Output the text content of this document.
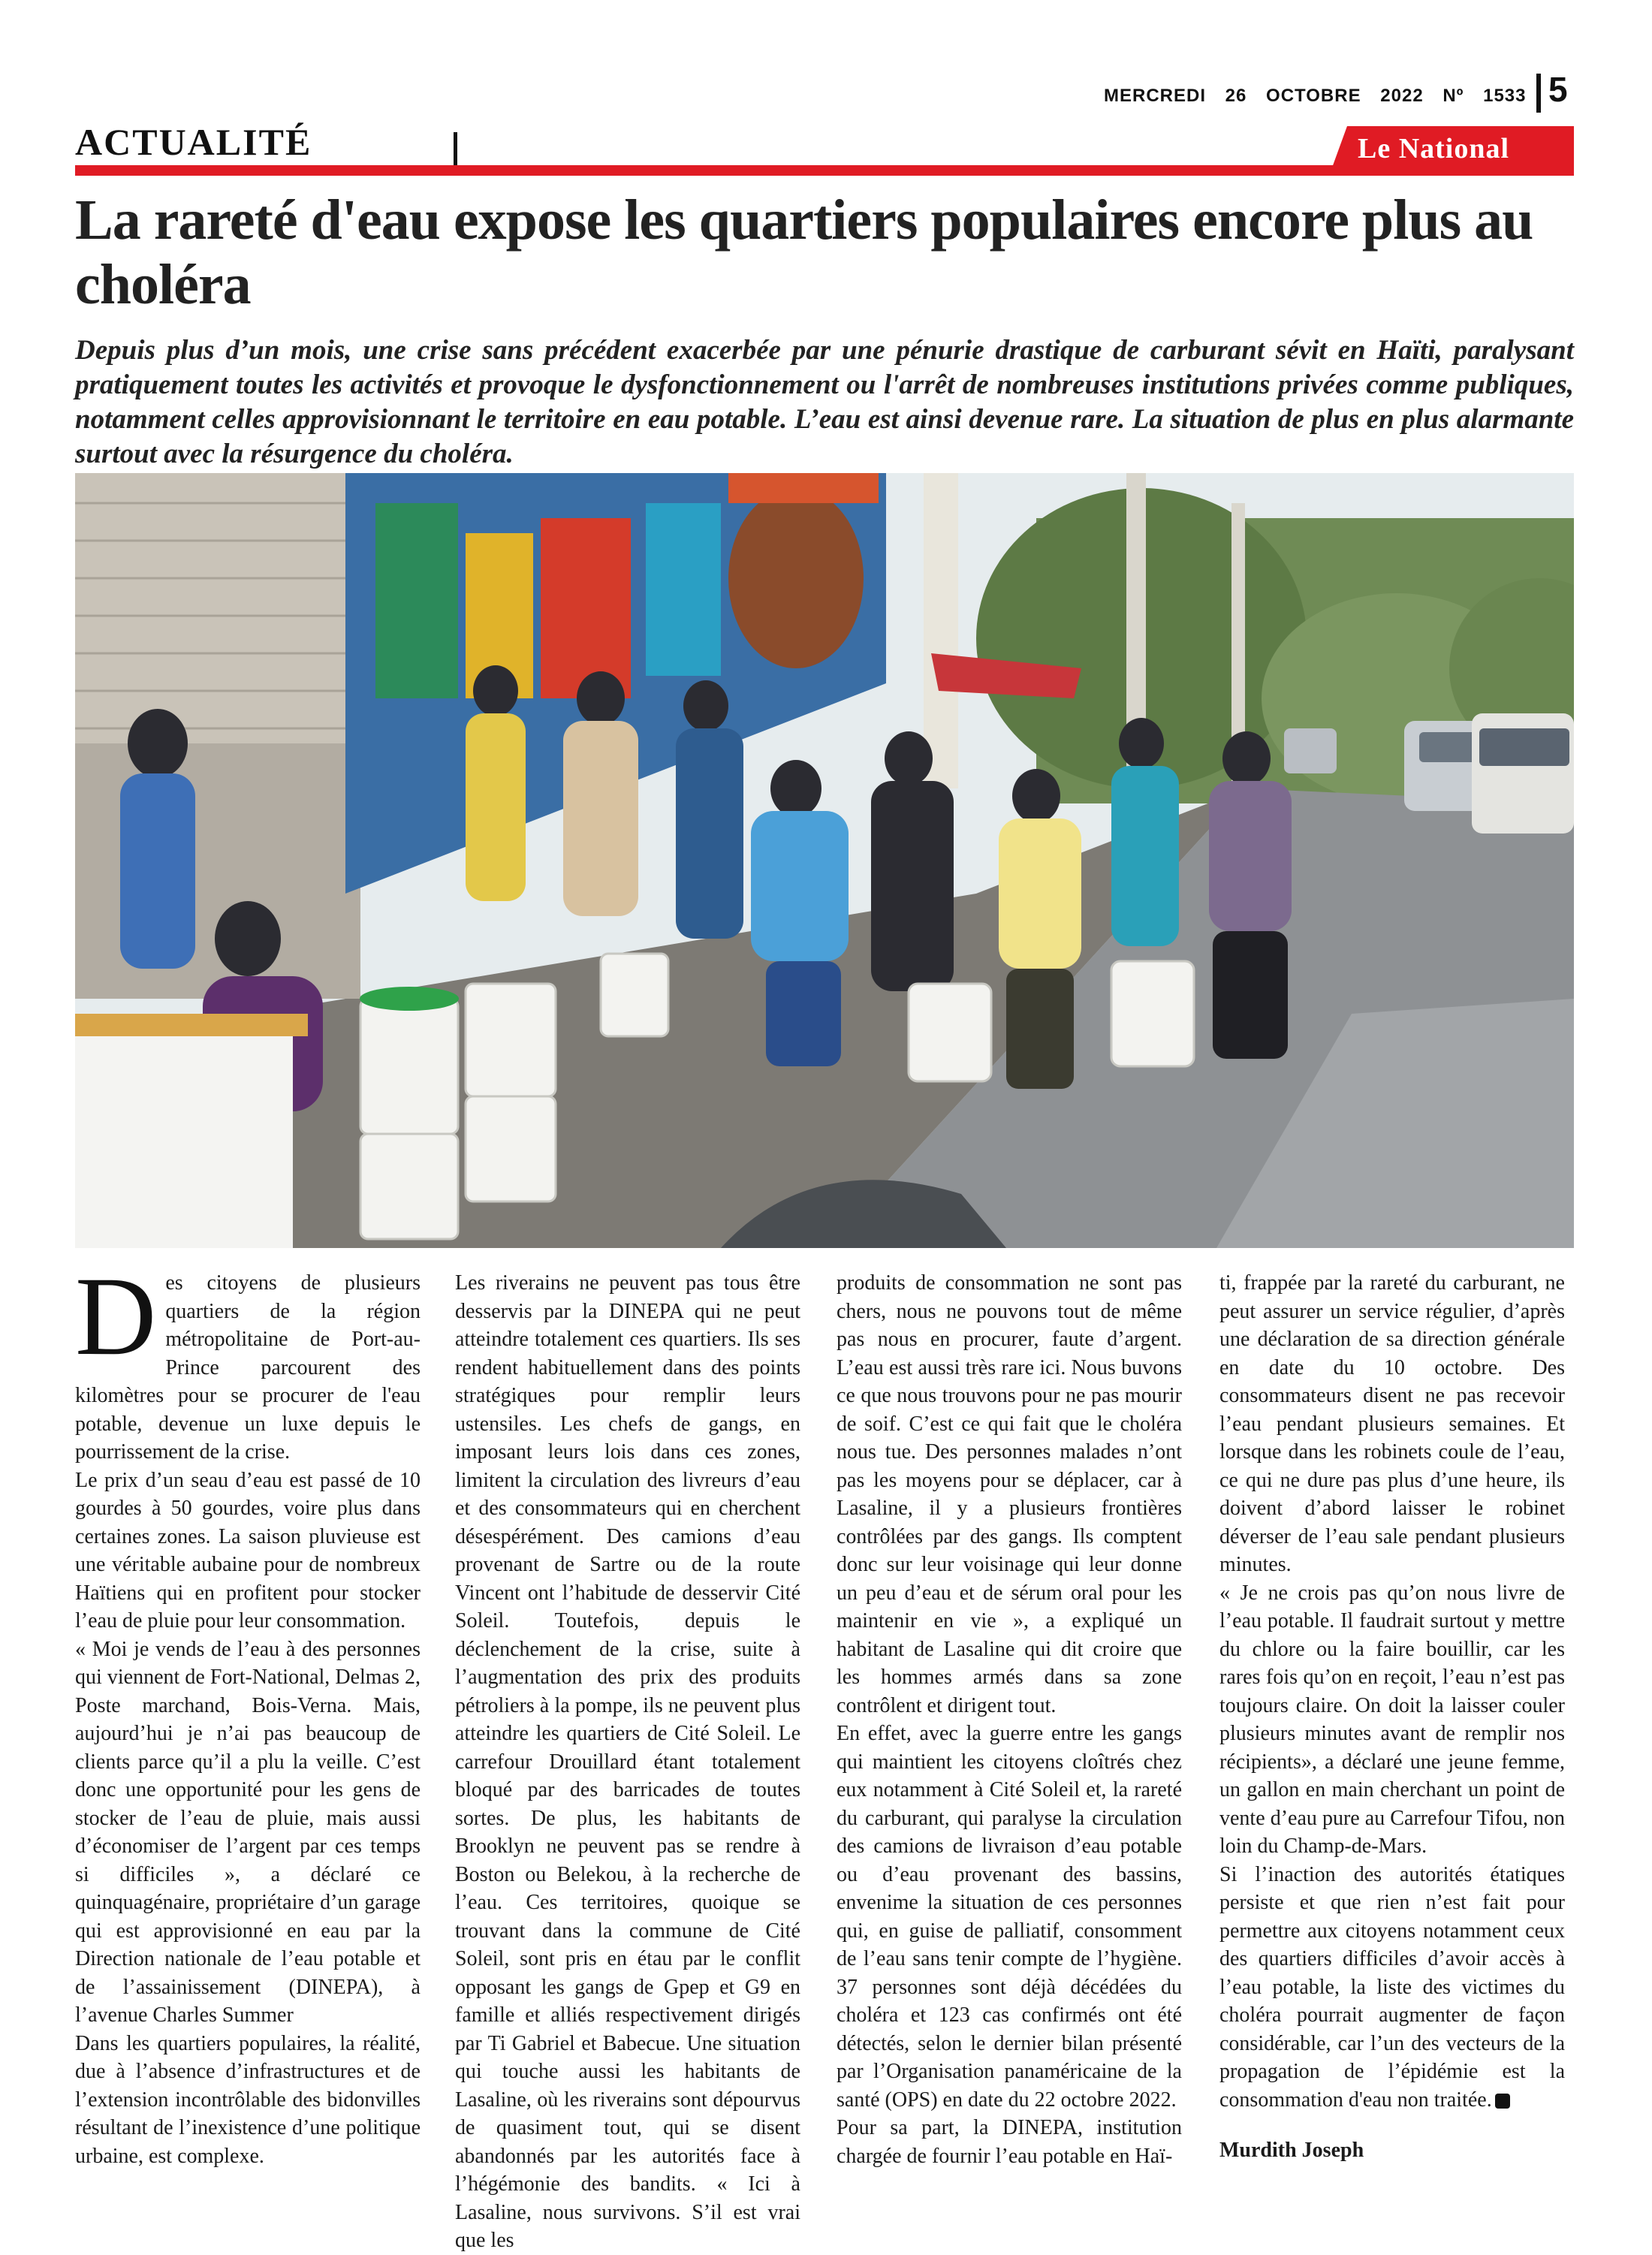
MERCREDI 26 OCTOBRE 2022 Nº 1533 5
ACTUALITÉ	Le National
La rareté d'eau expose les quartiers populaires encore plus au choléra
Depuis plus d’un mois, une crise sans précédent exacerbée par une pénurie drastique de carburant sévit en Haïti, paralysant pratiquement toutes les activités et provoque le dysfonctionnement ou l'arrêt de nombreuses institutions privées comme publiques, notamment celles approvisionnant le territoire en eau potable. L’eau est ainsi devenue rare. La situation de plus en plus alarmante surtout avec la résurgence du choléra.
D es citoyens de plusieurs quartiers de la région métropolitaine de Port-au-Prince parcourent des kilomètres pour se procurer de l'eau potable, devenue un luxe depuis le pourrissement de la crise.

Le prix d’un seau d’eau est passé de 10 gourdes à 50 gourdes, voire plus dans certaines zones. La saison pluvieuse est une véritable aubaine pour de nombreux Haïtiens qui en profitent pour stocker l’eau de pluie pour leur consommation.

« Moi je vends de l’eau à des personnes qui viennent de Fort-National, Delmas 2, Poste marchand, Bois-Verna. Mais, aujourd’hui je n’ai pas beaucoup de clients parce qu’il a plu la veille. C’est donc une opportunité pour les gens de stocker de l’eau de pluie, mais aussi d’économiser de l’argent par ces temps si difficiles », a déclaré ce quinquagénaire, propriétaire d’un garage qui est approvisionné en eau par la Direction nationale de l’eau potable et de l’assainissement (DINEPA), à l’avenue Charles Summer

Dans les quartiers populaires, la réalité, due à l’absence d’infrastructures et de l’extension incontrôlable des bidonvilles résultant de l’inexistence d’une politique urbaine, est complexe.

Les riverains ne peuvent pas tous être desservis par la DINEPA qui ne peut atteindre totalement ces quartiers. Ils ses rendent habituellement dans des points stratégiques pour remplir leurs ustensiles. Les chefs de gangs, en imposant leurs lois dans ces zones, limitent la circulation des livreurs d’eau et des consommateurs qui en cherchent désespérément. Des camions d’eau provenant de Sartre ou de la route Vincent ont l’habitude de desservir Cité Soleil. Toutefois, depuis le déclenchement de la crise, suite à l’augmentation des prix des produits pétroliers à la pompe, ils ne peuvent plus atteindre les quartiers de Cité Soleil. Le carrefour Drouillard étant totalement bloqué par des barricades de toutes sortes. De plus, les habitants de Brooklyn ne peuvent pas se rendre à Boston ou Belekou, à la recherche de l’eau. Ces territoires, quoique se trouvant dans la commune de Cité Soleil, sont pris en étau par le conflit opposant les gangs de Gpep et G9 en famille et alliés respectivement dirigés par Ti Gabriel et Babecue. Une situation qui touche aussi les habitants de Lasaline, où les riverains sont dépourvus de quasiment tout, qui se disent abandonnés par les autorités face à l’hégémonie des bandits. « Ici à Lasaline, nous survivons. S’il est vrai que les

produits de consommation ne sont pas chers, nous ne pouvons tout de même pas nous en procurer, faute d’argent. L’eau est aussi très rare ici. Nous buvons ce que nous trouvons pour ne pas mourir de soif. C’est ce qui fait que le choléra nous tue. Des personnes malades n’ont pas les moyens pour se déplacer, car à Lasaline, il y a plusieurs frontières contrôlées par des gangs. Ils comptent donc sur leur voisinage qui leur donne un peu d’eau et de sérum oral pour les maintenir en vie », a expliqué un habitant de Lasaline qui dit croire que les hommes armés dans sa zone contrôlent et dirigent tout.

En effet, avec la guerre entre les gangs qui maintient les citoyens cloîtrés chez eux notamment à Cité Soleil et, la rareté du carburant, qui paralyse la circulation des camions de livraison d’eau potable ou d’eau provenant des bassins, envenime la situation de ces personnes qui, en guise de palliatif, consomment de l’eau sans tenir compte de l’hygiène. 37 personnes sont déjà décédées du choléra et 123 cas confirmés ont été détectés, selon le dernier bilan présenté par l’Organisation panaméricaine de la santé (OPS) en date du 22 octobre 2022.

Pour sa part, la DINEPA, institution chargée de fournir l’eau potable en Haï-

ti, frappée par la rareté du carburant, ne peut assurer un service régulier, d’après une déclaration de sa direction générale en date du 10 octobre. Des consommateurs disent ne pas recevoir l’eau pendant plusieurs semaines. Et lorsque dans les robinets coule de l’eau, ce qui ne dure pas plus d’une heure, ils doivent d’abord laisser le robinet déverser de l’eau sale pendant plusieurs minutes.

« Je ne crois pas qu’on nous livre de l’eau potable. Il faudrait surtout y mettre du chlore ou la faire bouillir, car les rares fois qu’on en reçoit, l’eau n’est pas toujours claire. On doit la laisser couler plusieurs minutes avant de remplir nos récipients», a déclaré une jeune femme, un gallon en main cherchant un point de vente d’eau pure au Carrefour Tifou, non loin du Champ-de-Mars.

Si l’inaction des autorités étatiques persiste et que rien n’est fait pour permettre aux citoyens notamment ceux des quartiers difficiles d’avoir accès à l’eau potable, la liste des victimes du choléra pourrait augmenter de façon considérable, car l’un des vecteurs de la propagation de l’épidémie est la consommation d'eau non traitée.

Murdith Joseph
